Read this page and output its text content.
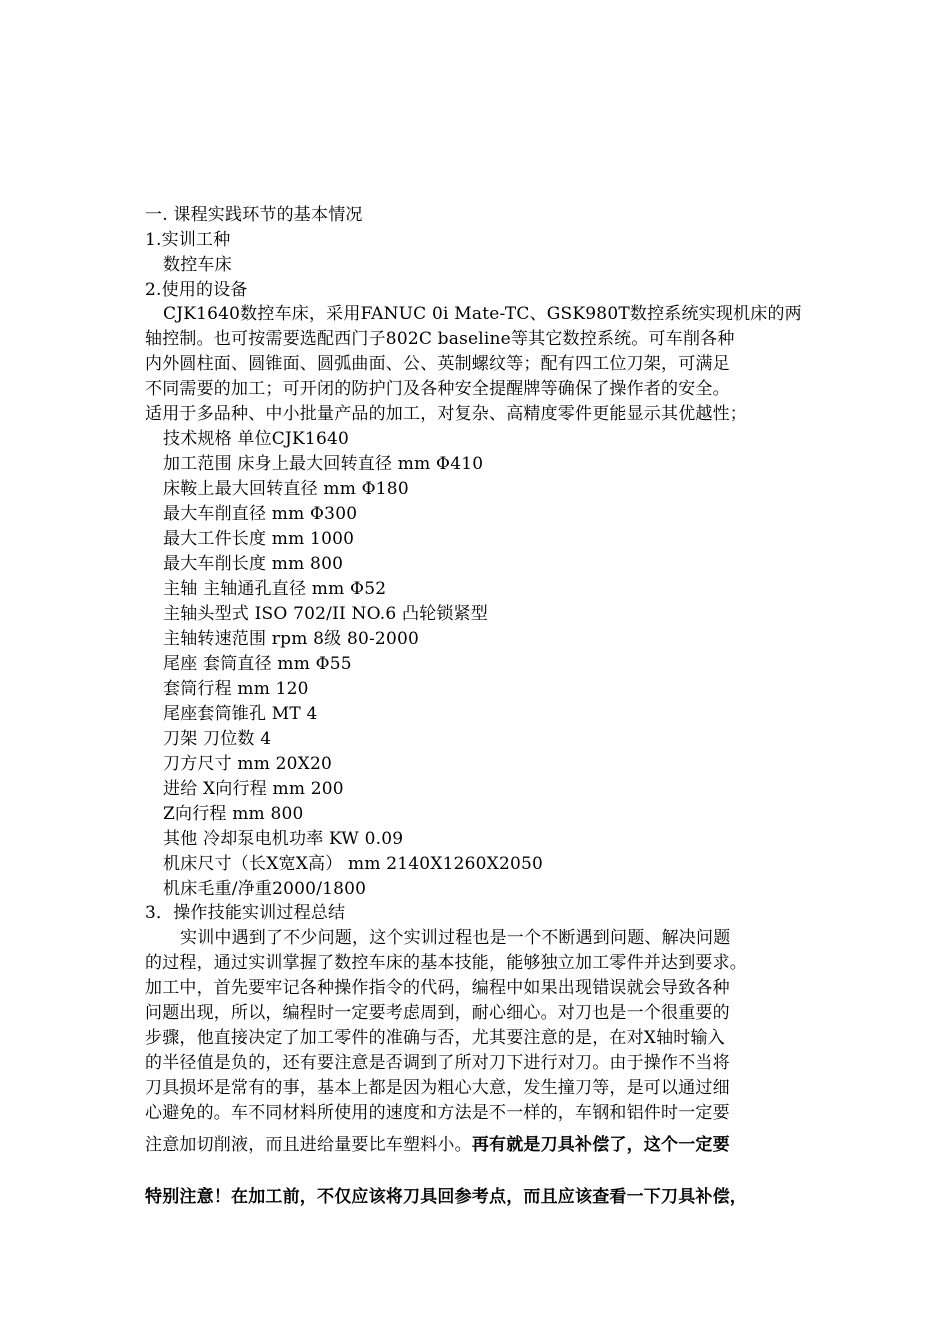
一. 课程实践环节的基本情况
1.实训工种
数控车床
2.使用的设备
CJK1640数控车床，采用FANUC 0i Mate-TC、GSK980T数控系统实现机床的两
轴控制。也可按需要选配西门子802C baseline等其它数控系统。可车削各种
内外圆柱面、圆锥面、圆弧曲面、公、英制螺纹等；配有四工位刀架，可满足
不同需要的加工；可开闭的防护门及各种安全提醒牌等确保了操作者的安全。
适用于多品种、中小批量产品的加工，对复杂、高精度零件更能显示其优越性；
技术规格 单位CJK1640
加工范围 床身上最大回转直径 mm Φ410
床鞍上最大回转直径 mm Φ180
最大车削直径 mm Φ300
最大工件长度 mm 1000
最大车削长度 mm 800
主轴 主轴通孔直径 mm Φ52
主轴头型式 ISO 702/II NO.6 凸轮锁紧型
主轴转速范围 rpm 8级 80-2000
尾座 套筒直径 mm Φ55
套筒行程 mm 120
尾座套筒锥孔 MT 4
刀架 刀位数 4
刀方尺寸 mm 20X20
进给 X向行程 mm 200
Z向行程 mm 800
其他 冷却泵电机功率 KW 0.09
机床尺寸（长X宽X高） mm 2140X1260X2050
机床毛重/净重2000/1800
3．操作技能实训过程总结
实训中遇到了不少问题，这个实训过程也是一个不断遇到问题、解决问题
的过程，通过实训掌握了数控车床的基本技能，能够独立加工零件并达到要求。
加工中，首先要牢记各种操作指令的代码，编程中如果出现错误就会导致各种
问题出现，所以，编程时一定要考虑周到，耐心细心。对刀也是一个很重要的
步骤，他直接决定了加工零件的准确与否，尤其要注意的是，在对X轴时输入
的半径值是负的，还有要注意是否调到了所对刀下进行对刀。由于操作不当将
刀具损坏是常有的事，基本上都是因为粗心大意，发生撞刀等，是可以通过细
心避免的。车不同材料所使用的速度和方法是不一样的，车钢和铝件时一定要
注意加切削液，而且进给量要比车塑料小。再有就是刀具补偿了，这个一定要
特别注意！在加工前，不仅应该将刀具回参考点，而且应该查看一下刀具补偿，
